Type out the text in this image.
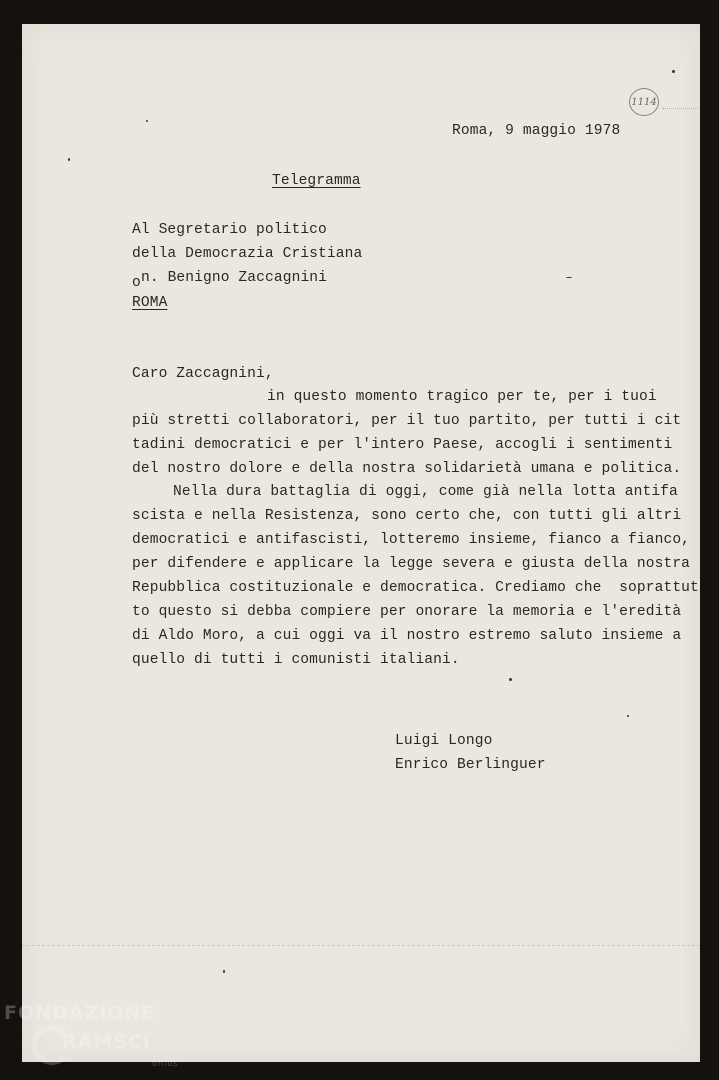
1114
Roma, 9 maggio 1978
Telegramma
Al Segretario politico
della Democrazia Cristiana
o n. Benigno Zaccagnini
ROMA
Caro Zaccagnini,
in questo momento tragico per te, per i tuoi
più stretti collaboratori, per il tuo partito, per tutti i cit
tadini democratici e per l'intero Paese, accogli i sentimenti
del nostro dolore e della nostra solidarietà umana e politica.
Nella dura battaglia di oggi, come già nella lotta antifa
scista e nella Resistenza, sono certo che, con tutti gli altri
democratici e antifascisti, lotteremo insieme, fianco a fianco,
per difendere e applicare la legge severa e giusta della nostra
Repubblica costituzionale e democratica. Crediamo che  soprattut
to questo si debba compiere per onorare la memoria e l'eredità
di Aldo Moro, a cui oggi va il nostro estremo saluto insieme a
quello di tutti i comunisti italiani.
Luigi Longo
Enrico Berlinguer
FONDAZIONE
RAMSCI
onlus
